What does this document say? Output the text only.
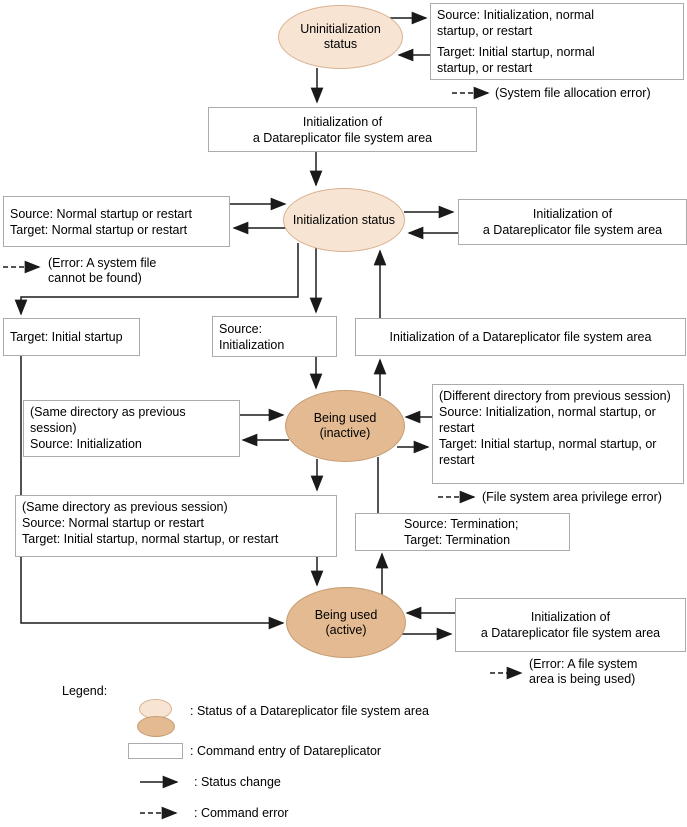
Uninitialization status
Initialization status
Being used (inactive)
Being used (active)
Source: Initialization, normal
startup, or restart
Target: Initial startup, normal
startup, or restart
Initialization of
a Datareplicator file system area
Source: Normal startup or restart
Target: Normal startup or restart
Initialization of
a Datareplicator file system area
Target: Initial startup
Source:
Initialization
Initialization of a Datareplicator file system area
(Same directory as previous
session)
Source: Initialization
(Different directory from previous session)
Source: Initialization, normal startup, or
restart
Target: Initial startup, normal startup, or
restart
Source: Termination;
Target: Termination
(Same directory as previous session)
Source: Normal startup or restart
Target: Initial startup, normal startup, or restart
Initialization of
a Datareplicator file system area
(System file allocation error)
(Error: A system file
cannot be found)
(File system area privilege error)
(Error: A file system
area is being used)
Legend:
: Status of a Datareplicator file system area
: Command entry of Datareplicator
: Status change
: Command error
